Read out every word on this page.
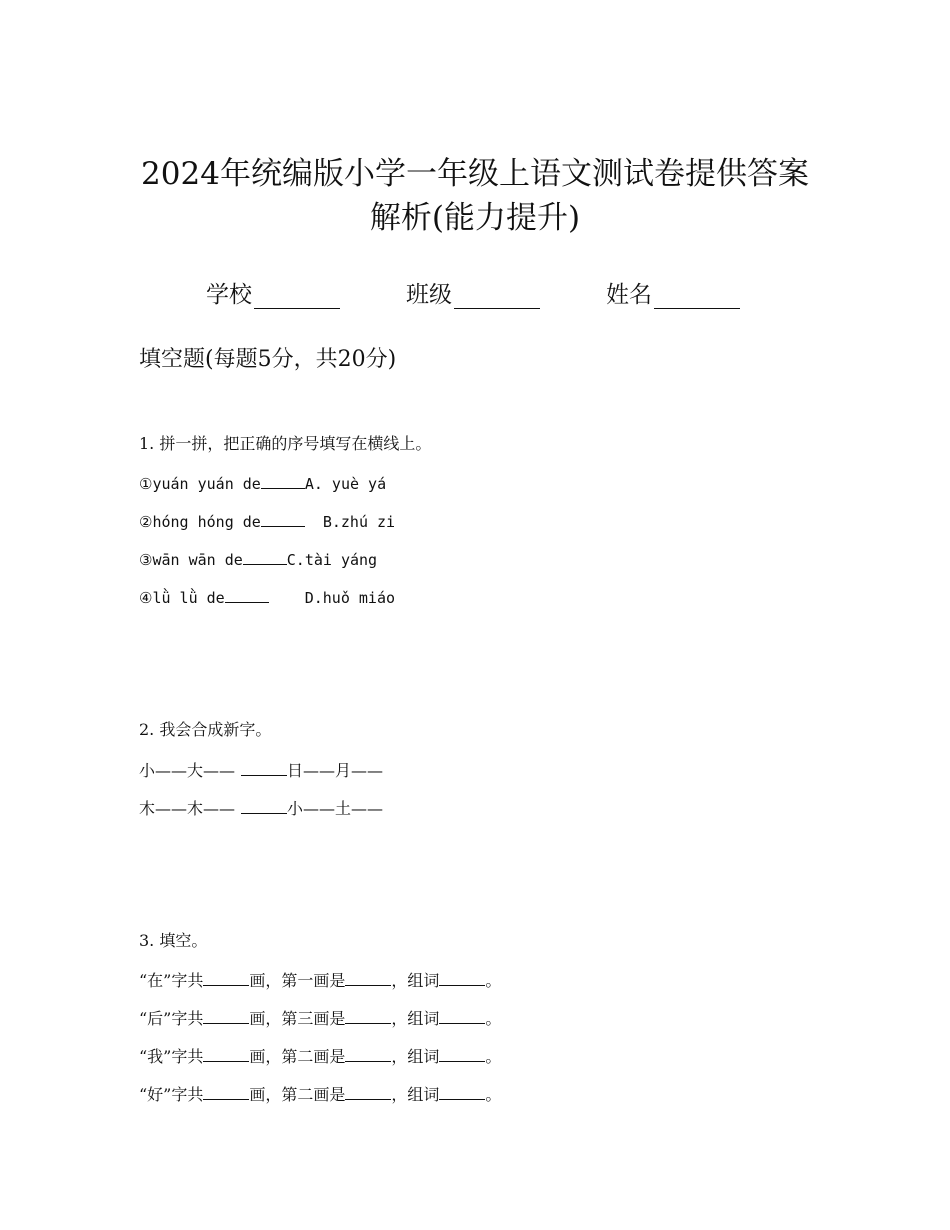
2024年统编版小学一年级上语文测试卷提供答案
解析(能力提升)
学校	班级	姓名
填空题(每题5分，共20分)
1. 拼一拼，把正确的序号填写在横线上。
①yuán yuán de	A. yuè yá
②hóng hóng de	B.zhú zi
③wān wān de	C.tài yáng
④lǜ lǜ de	D.huǒ miáo
2. 我会合成新字。
小——大——	日——月——
木——木——	小——土——
3. 填空。
“在”字共	画，第一画是	，组词	。
“后”字共	画，第三画是	，组词	。
“我”字共	画，第二画是	，组词	。
“好”字共	画，第二画是	，组词	。
